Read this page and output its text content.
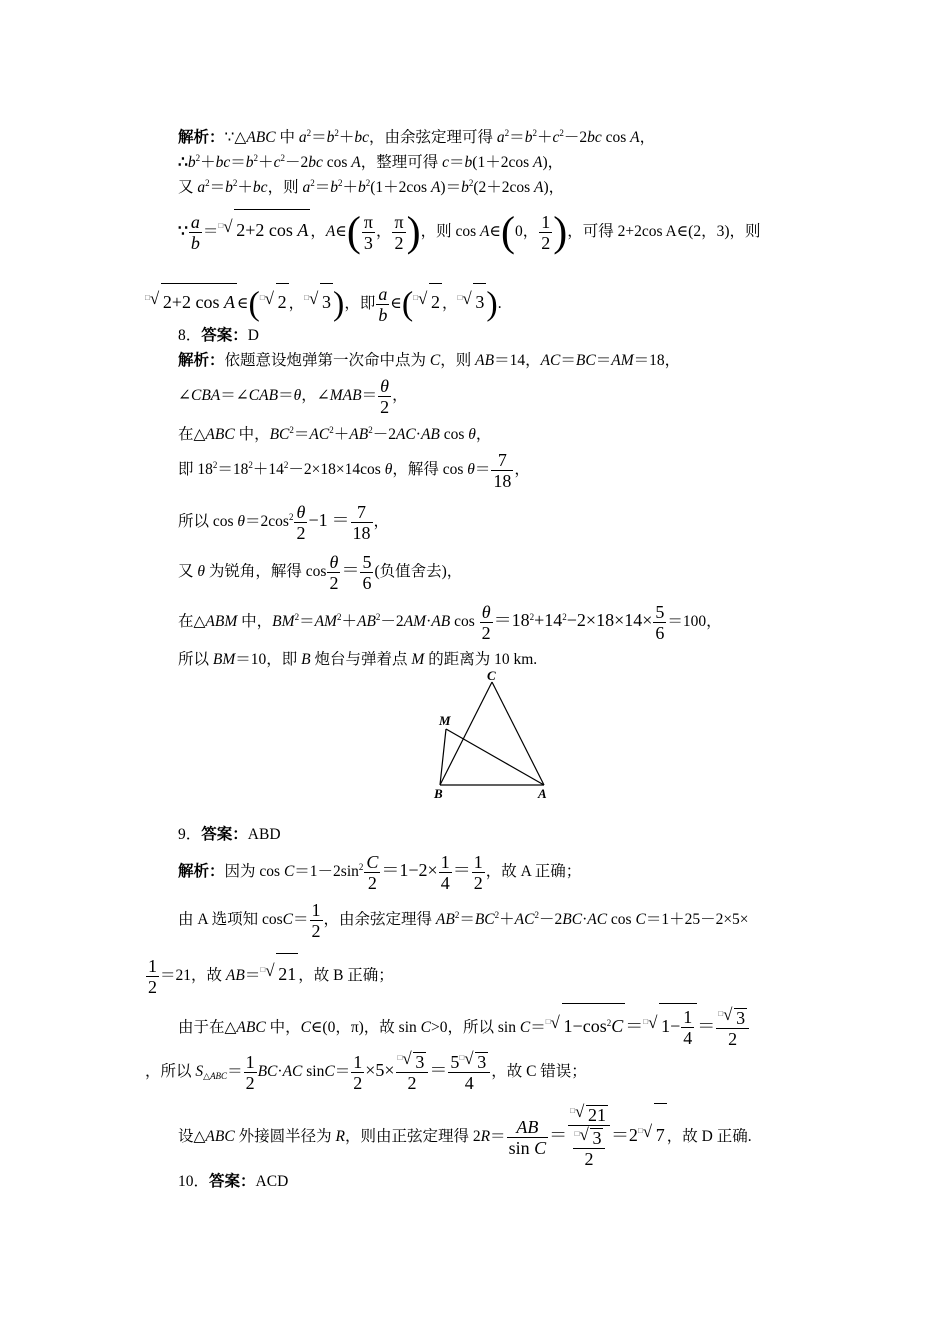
解析：∵△ABC 中 $a^2=b^2+bc$，由余弦定理可得 $a^2=b^2+c^2-2bc$ cos A，
$\therefore b^2+bc=b^2+c^2-2bc$ cos A，整理可得 c＝b(1＋2cos A)，
又 $a^2=b^2+bc$，则 $a^2=b^2+b^2(1+2\cos$ $A)=b^2(2+2\cos$ A)，
∵ $\frac{a}{b} =^□√$ 2+2 cos A ，A∈( $\frac{\pi}{3}$ ， $\frac{\pi}{2}$ )，则 cos A∈(0， $\frac{1}{2}$ )，可得 2+2cos A∈(2，3)，则
□√ 2+2 cos A ∈(□√ 2 ，□√ 3)，即 $\frac{a}{b}$ ∈(□√ 2 ，□√ 3).
8．答案：D
解析：依题意设炮弹第一次命中点为 C，则 AB＝14，AC＝BC＝AM＝18，
∠CBA＝∠CAB＝θ，∠MAB＝ $\frac{\theta}{2}$ ，
在△ABC 中，$BC^2=AC^2+AB^2-2AC\cdot AB$ cos θ，
即 $18^2=18^2+14^2-2\times 18\times 14\cos$ θ，解得 $\cos \theta= \frac{7}{18}$ ，
所以 $\cos \theta=2\cos^2 \frac{\theta}{2} -1 = \frac{7}{18}$ ，
又 θ 为锐角，解得 $\cos \frac{\theta}{2} = \frac{5}{6}$ (负值舍去)，
在△ABM 中，$BM^2=AM^2+AB^2-2AM\cdot AB$ $\cos \frac{\theta}{2} =18^2+14^2-2\times 18\times 14\times \frac{5}{6} =100$，
所以 BM＝10，即 B 炮台与弹着点 M 的距离为 10 km.
C
M
B	A
9．答案：ABD
解析：因为 $\cos C=1-2\sin^2 \frac{C}{2} =1-2\times \frac{1}{4} = \frac{1}{2}$ ，故 A 正确；
由 A 选项知 $\cos C= \frac{1}{2}$ ，由余弦定理得 $AB^2=BC^2+AC^2-2BC\cdot AC$ cos C＝1＋25－2×5×
$\frac{1}{2} =21$，故 AB＝□√ 21 ，故 B 正确；
由于在△ABC 中，C∈(0，π)，故 sin C>0，所以 sin C＝□√ $1-\cos^2C =^□√$ $1- \frac{1}{4} = \frac{^□√ 3}{2}$
，所以 $S_{\triangle ABC}= \frac{1}{2} BC\cdot AC$ $\sin C= \frac{1}{2} \times 5\times \frac{^□√ 3}{2} = \frac{5^□√ 3}{4}$ ，故 C 错误；
设△ABC 外接圆半径为 R，则由正弦定理得 $2R= \frac{AB}{\text{sin C}} = \frac{^□√ 21}{\frac{^□√ 3}{2}} =2^□√$ 7 ，故 D 正确.
10．答案：ACD
